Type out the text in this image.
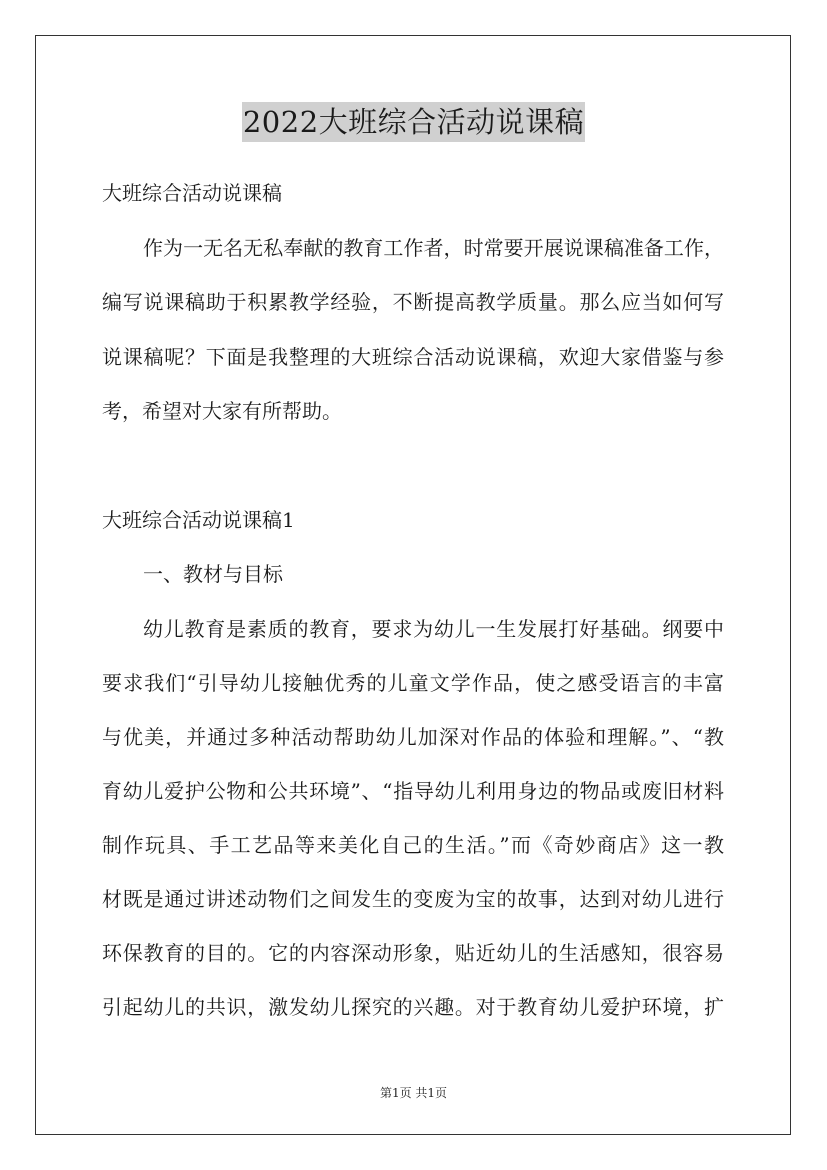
2022大班综合活动说课稿
大班综合活动说课稿
作为一无名无私奉献的教育工作者，时常要开展说课稿准备工作，
编写说课稿助于积累教学经验，不断提高教学质量。那么应当如何写
说课稿呢？下面是我整理的大班综合活动说课稿，欢迎大家借鉴与参
考，希望对大家有所帮助。
大班综合活动说课稿1
一、教材与目标
幼儿教育是素质的教育，要求为幼儿一生发展打好基础。纲要中
要求我们“引导幼儿接触优秀的儿童文学作品，使之感受语言的丰富
与优美，并通过多种活动帮助幼儿加深对作品的体验和理解。”、“教
育幼儿爱护公物和公共环境”、“指导幼儿利用身边的物品或废旧材料
制作玩具、手工艺品等来美化自己的生活。”而《奇妙商店》这一教
材既是通过讲述动物们之间发生的变废为宝的故事，达到对幼儿进行
环保教育的目的。它的内容深动形象，贴近幼儿的生活感知，很容易
引起幼儿的共识，激发幼儿探究的兴趣。对于教育幼儿爱护环境，扩
第1页 共1页
